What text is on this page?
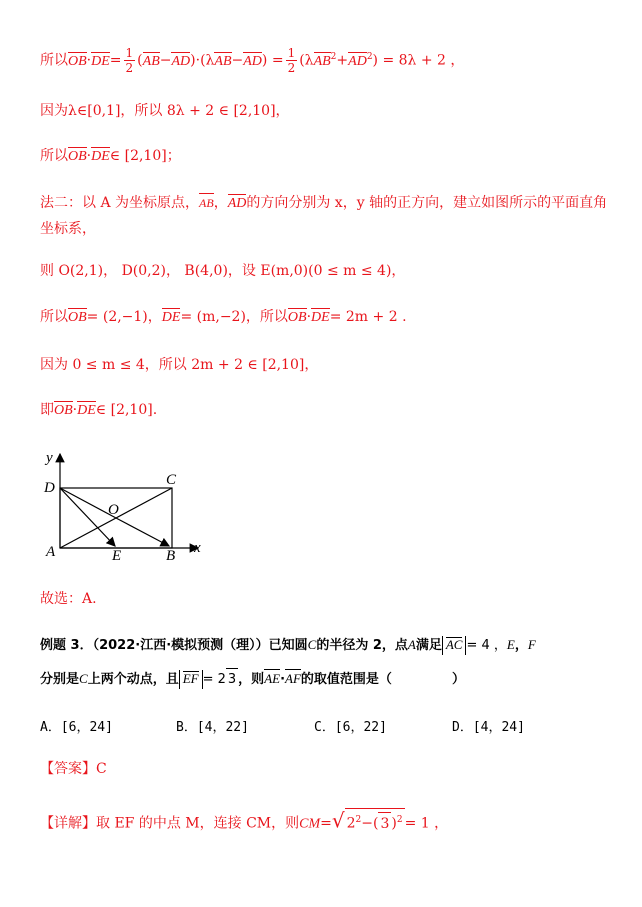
所以$OB\cdot DE= \frac{1}{2} (AB-AD)\cdot(\lambda AB-AD) = \frac{1}{2} (\lambda AB^2+AD^2) = 8\lambda + 2$ ，
因为λ∈[0,1]，所以 8λ + 2 ∈ [2,10]，
所以OB·DE∈ [2,10]；
法二：以 A 为坐标原点，AB，AD的方向分别为 x，y 轴的正方向，建立如图所示的平面直角
坐标系，
则 O(2,1)， D(0,2)， B(4,0)，设 E(m,0)(0 ≤ m ≤ 4)，
所以OB= (2,−1)，DE= (m,−2)，所以OB·DE= 2m + 2 .
因为 0 ≤ m ≤ 4，所以 2m + 2 ∈ [2,10]，
即OB·DE∈ [2,10].
y
x
D	C
O
A	E	B
故选：A.
例题 3．（2022·江西·模拟预测（理））已知圆C的半径为 2，点A满足 AC = 4 ，E，F
分别是C上两个动点，且 EF = 2 3 ，则AE·AF的取值范围是（	）
A．[6，24]	B．[4，22]	C．[6，22]	D．[4，24]
【答案】C
【详解】取 EF 的中点 M，连接 CM，则CM=√ $2^2-$( 3 )$^2$ = 1 ，
